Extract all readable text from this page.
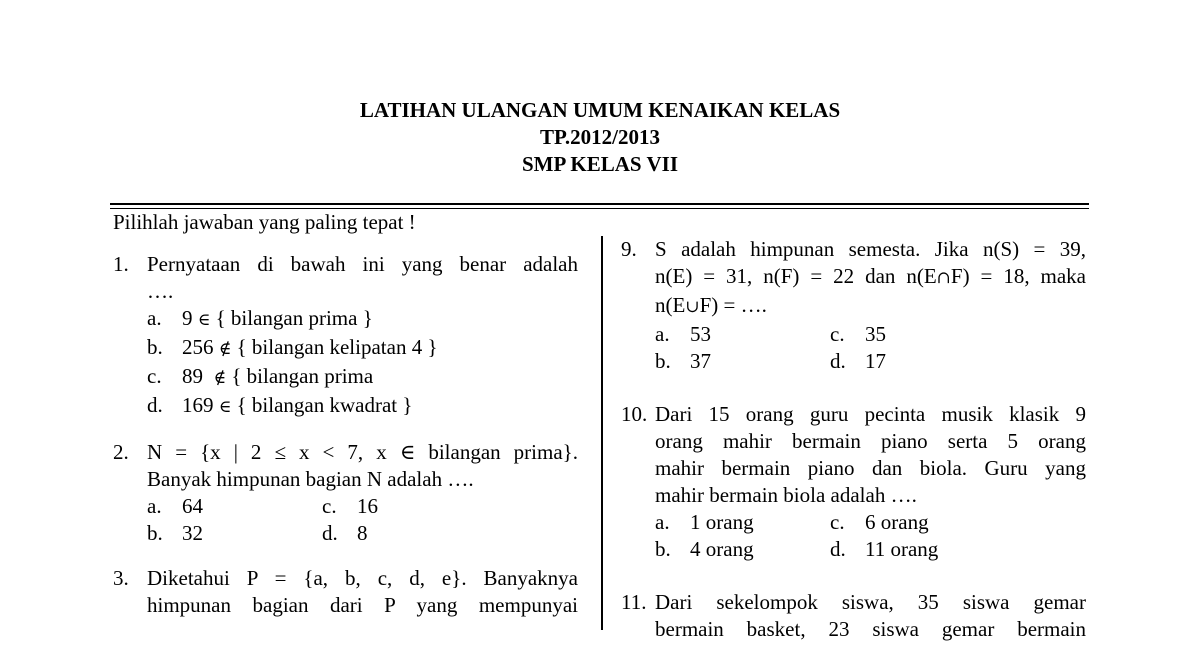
LATIHAN ULANGAN UMUM KENAIKAN KELAS
TP.2012/2013
SMP KELAS VII
Pilihlah jawaban yang paling tepat !
1. Pernyataan di bawah ini yang benar adalah
….
a. 9 ∈ { bilangan prima }
b. 256 ∉ { bilangan kelipatan 4 }
c. 89  ∉ { bilangan prima
d. 169 ∈ { bilangan kwadrat }
2. N = {x | 2 ≤ x < 7, x ∈ bilangan prima}.
Banyak himpunan bagian N adalah ….
a. 64	c. 16
b. 32	d. 8
3. Diketahui P = {a, b, c, d, e}. Banyaknya
himpunan bagian dari P yang mempunyai
9. S adalah himpunan semesta. Jika n(S) = 39,
n(E) = 31, n(F) = 22 dan n(E∩F) = 18, maka
n(E∪F) = ….
a. 53	c. 35
b. 37	d. 17
10. Dari 15 orang guru pecinta musik klasik 9
orang mahir bermain piano serta 5 orang
mahir bermain piano dan biola. Guru yang
mahir bermain biola adalah ….
a. 1 orang	c. 6 orang
b. 4 orang	d. 11 orang
11. Dari sekelompok siswa, 35 siswa gemar
bermain basket, 23 siswa gemar bermain
